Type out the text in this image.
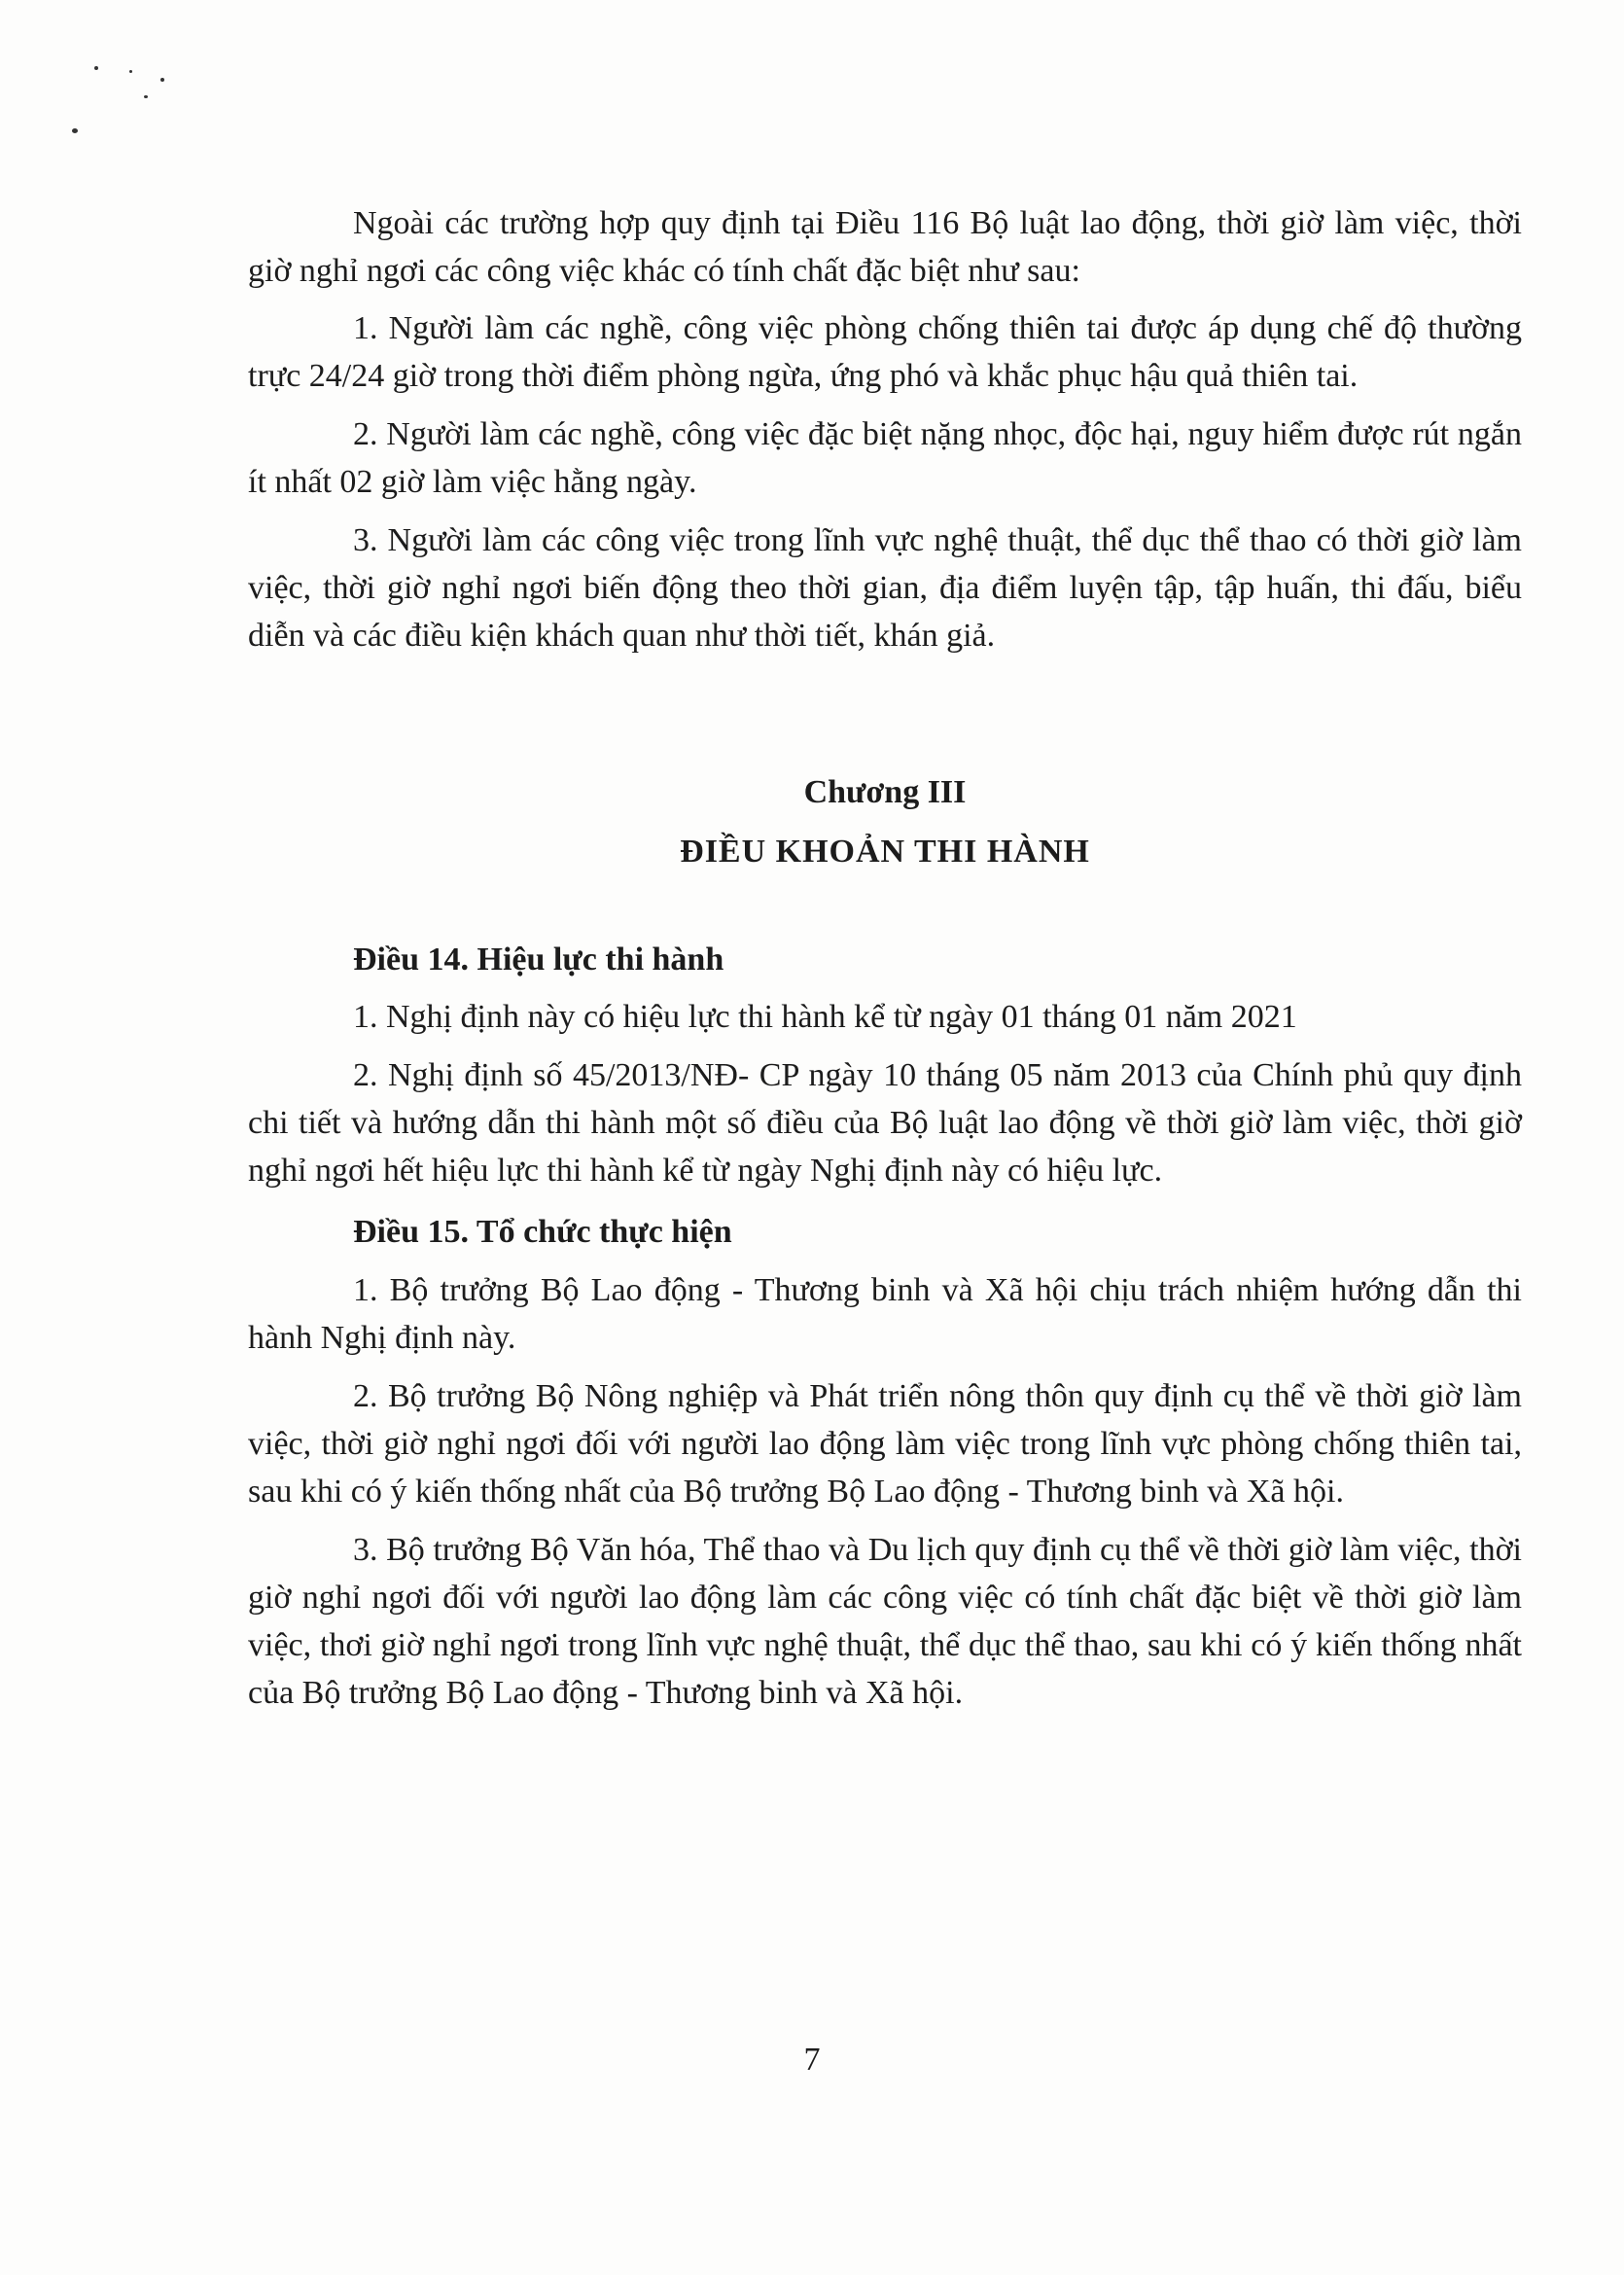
Ngoài các trường hợp quy định tại Điều 116 Bộ luật lao động, thời giờ làm việc, thời giờ nghỉ ngơi các công việc khác có tính chất đặc biệt như sau:

1. Người làm các nghề, công việc phòng chống thiên tai được áp dụng chế độ thường trực 24/24 giờ trong thời điểm phòng ngừa, ứng phó và khắc phục hậu quả thiên tai.

2. Người làm các nghề, công việc đặc biệt nặng nhọc, độc hại, nguy hiểm được rút ngắn ít nhất 02 giờ làm việc hằng ngày.

3. Người làm các công việc trong lĩnh vực nghệ thuật, thể dục thể thao có thời giờ làm việc, thời giờ nghỉ ngơi biến động theo thời gian, địa điểm luyện tập, tập huấn, thi đấu, biểu diễn và các điều kiện khách quan như thời tiết, khán giả.

Chương III

ĐIỀU KHOẢN THI HÀNH

Điều 14. Hiệu lực thi hành

1. Nghị định này có hiệu lực thi hành kể từ ngày 01 tháng 01 năm 2021

2. Nghị định số 45/2013/NĐ- CP ngày 10 tháng 05 năm 2013 của Chính phủ quy định chi tiết và hướng dẫn thi hành một số điều của Bộ luật lao động về thời giờ làm việc, thời giờ nghỉ ngơi hết hiệu lực thi hành kể từ ngày Nghị định này có hiệu lực.

Điều 15. Tổ chức thực hiện

1. Bộ trưởng Bộ Lao động - Thương binh và Xã hội chịu trách nhiệm hướng dẫn thi hành Nghị định này.

2. Bộ trưởng Bộ Nông nghiệp và Phát triển nông thôn quy định cụ thể về thời giờ làm việc, thời giờ nghỉ ngơi đối với người lao động làm việc trong lĩnh vực phòng chống thiên tai, sau khi có ý kiến thống nhất của Bộ trưởng Bộ Lao động - Thương binh và Xã hội.

3. Bộ trưởng Bộ Văn hóa, Thể thao và Du lịch quy định cụ thể về thời giờ làm việc, thời giờ nghỉ ngơi đối với người lao động làm các công việc có tính chất đặc biệt về thời giờ làm việc, thơi giờ nghỉ ngơi trong lĩnh vực nghệ thuật, thể dục thể thao, sau khi có ý kiến thống nhất của Bộ trưởng Bộ Lao động - Thương binh và Xã hội.

7
